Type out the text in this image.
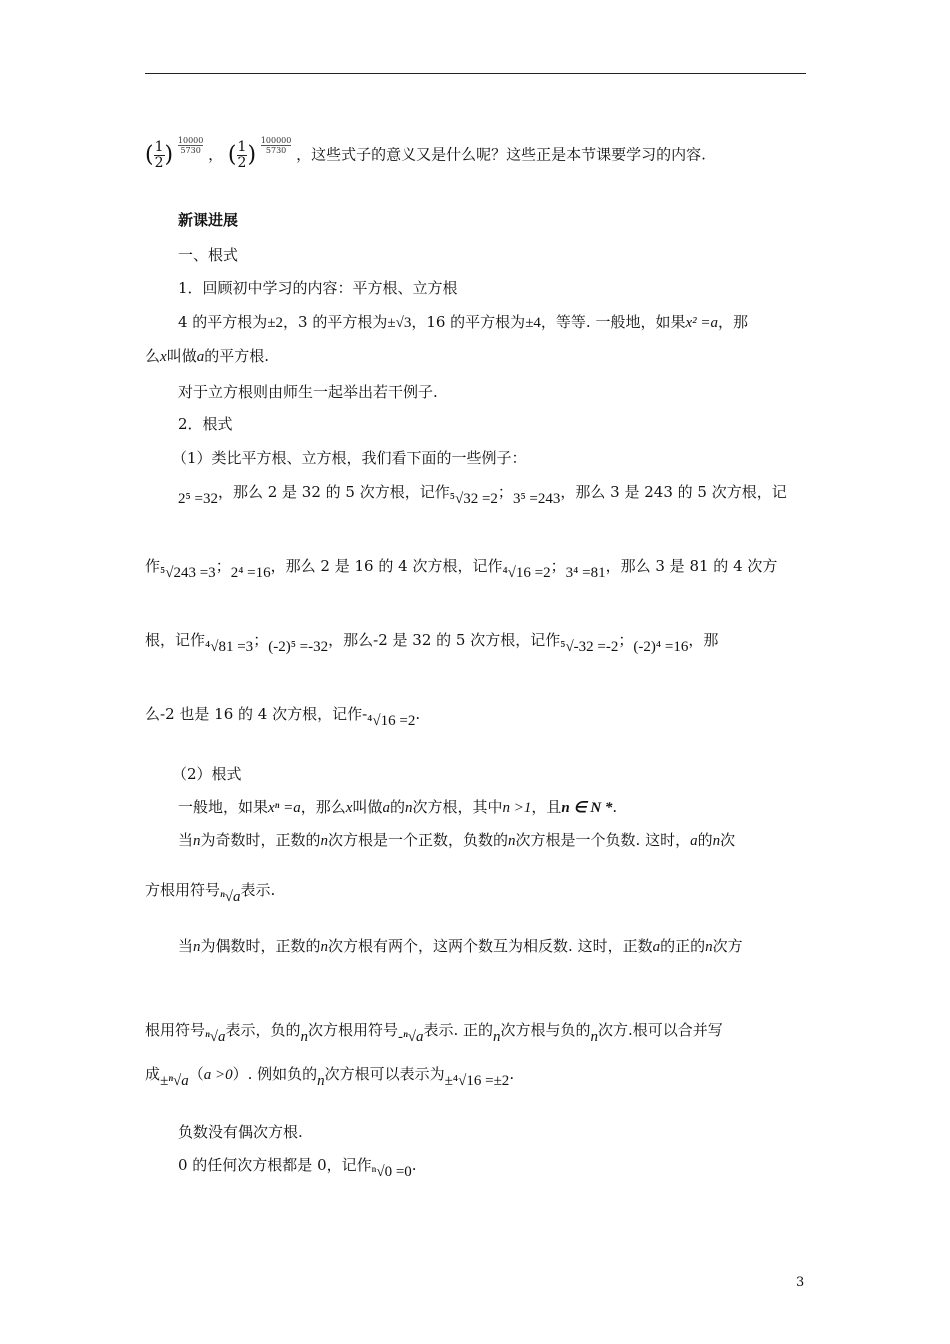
( $\frac{1}{2}$ ) $\frac{10000}{5730}$ ， ( $\frac{1}{2}$ ) $\frac{100000}{5730}$ ，这些式子的意义又是什么呢？这些正是本节课要学习的内容.
新课进展
一、根式
1．回顾初中学习的内容：平方根、立方根
4 的平方根为±2，3 的平方根为±√3，16 的平方根为±4，等等. 一般地，如果x² =a，那
么x叫做a的平方根.
对于立方根则由师生一起举出若干例子.
2．根式
（1）类比平方根、立方根，我们看下面的一些例子：
2⁵ =32，那么 2 是 32 的 5 次方根，记作⁵√32 =2；3⁵ =243，那么 3 是 243 的 5 次方根，记
作⁵√243 =3；2⁴ =16，那么 2 是 16 的 4 次方根，记作⁴√16 =2；3⁴ =81，那么 3 是 81 的 4 次方
根，记作⁴√81 =3；(-2)⁵ =-32，那么-2 是 32 的 5 次方根，记作⁵√-32 =-2；(-2)⁴ =16，那
么-2 也是 16 的 4 次方根，记作-⁴√16 =2.
（2）根式
一般地，如果xⁿ =a，那么x叫做a的n次方根，其中n >1，且n ∈ N *.
当n为奇数时，正数的n次方根是一个正数，负数的n次方根是一个负数. 这时，a的n次
方根用符号ⁿ√a表示.
当n为偶数时，正数的n次方根有两个，这两个数互为相反数. 这时，正数a的正的n次方
根用符号ⁿ√a表示，负的n次方根用符号-ⁿ√a表示. 正的n次方根与负的n次方.根可以合并写
成±ⁿ√a（a >0）. 例如负的n次方根可以表示为±⁴√16 =±2.
负数没有偶次方根.
0 的任何次方根都是 0，记作ⁿ√0 =0.
3
